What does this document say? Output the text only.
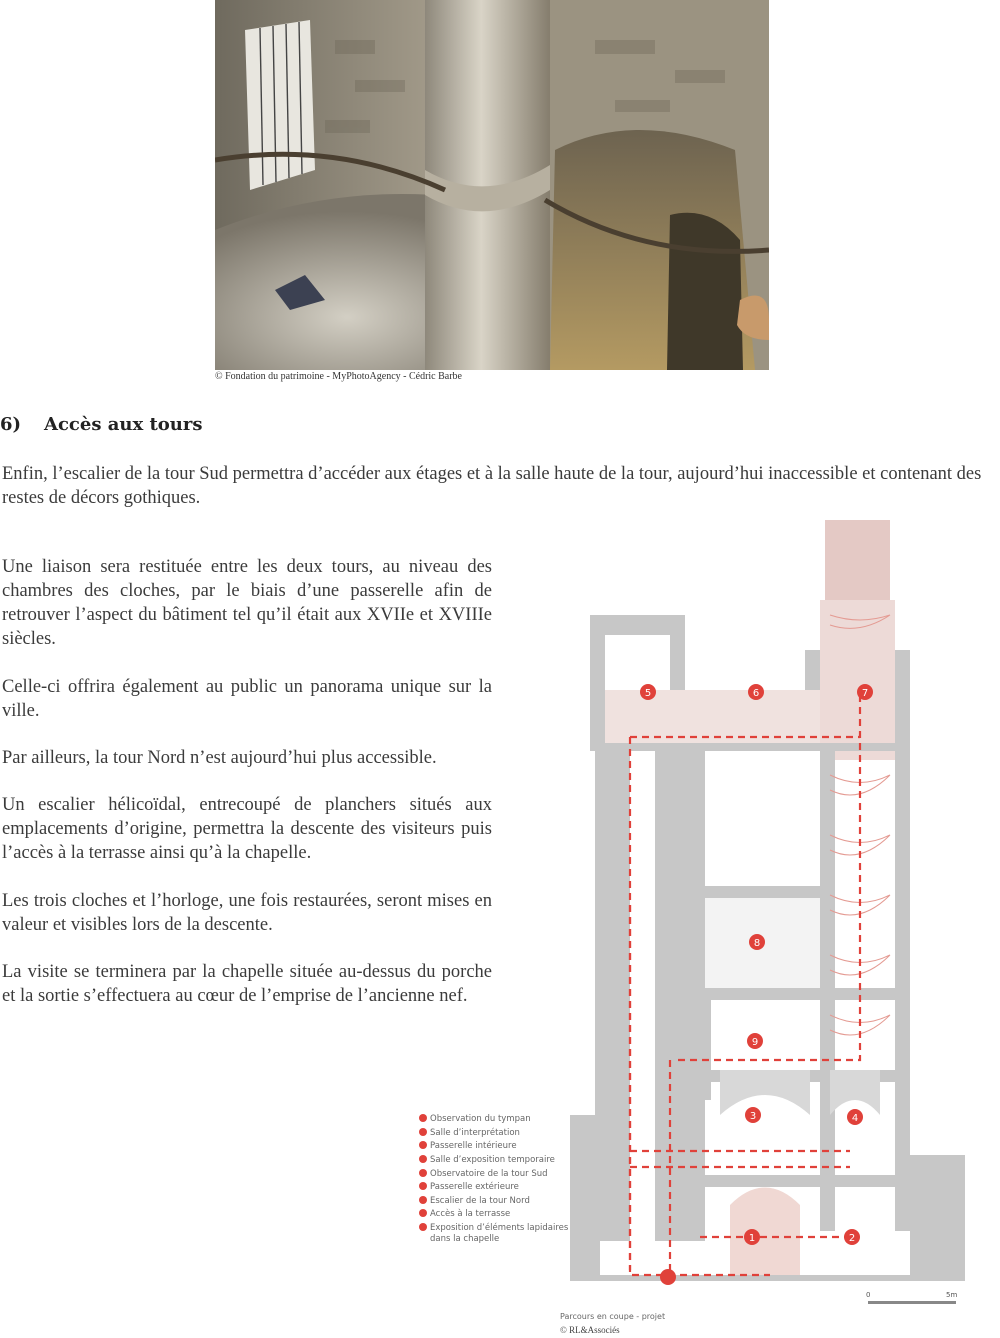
© Fondation du patrimoine - MyPhotoAgency - Cédric Barbe
6) Accès aux tours

Enfin, l’escalier de la tour Sud permettra d’accéder aux étages et à la salle haute de la tour, aujourd’hui inaccessible et contenant des restes de décors gothiques.

Une liaison sera restituée entre les deux tours, au niveau des chambres des cloches, par le biais d’une passerelle afin de retrouver l’aspect du bâtiment tel qu’il était aux XVIIe et XVIIIe siècles.

Celle-ci offrira également au public un panorama unique sur la ville.

Par ailleurs, la tour Nord n’est aujourd’hui plus accessible.

Un escalier hélicoïdal, entrecoupé de planchers situés aux emplacements d’origine, permettra la descente des visiteurs puis l’accès à la terrasse ainsi qu’à la chapelle.

Les trois cloches et l’horloge, une fois restaurées, seront mises en valeur et visibles lors de la descente.

La visite se terminera par la chapelle située au-dessus du porche et la sortie s’effectuera au cœur de l’emprise de l’ancienne nef.

5	6	7
8
9
3	4
1	2
Observation du tympan
Salle d’interprétation
Passerelle intérieure
Salle d’exposition temporaire
Observatoire de la tour Sud
Passerelle extérieure
Escalier de la tour Nord
Accès à la terrasse
Exposition d’éléments lapidaires
dans la chapelle
0	5m
Parcours en coupe - projet
© RL&Associés
